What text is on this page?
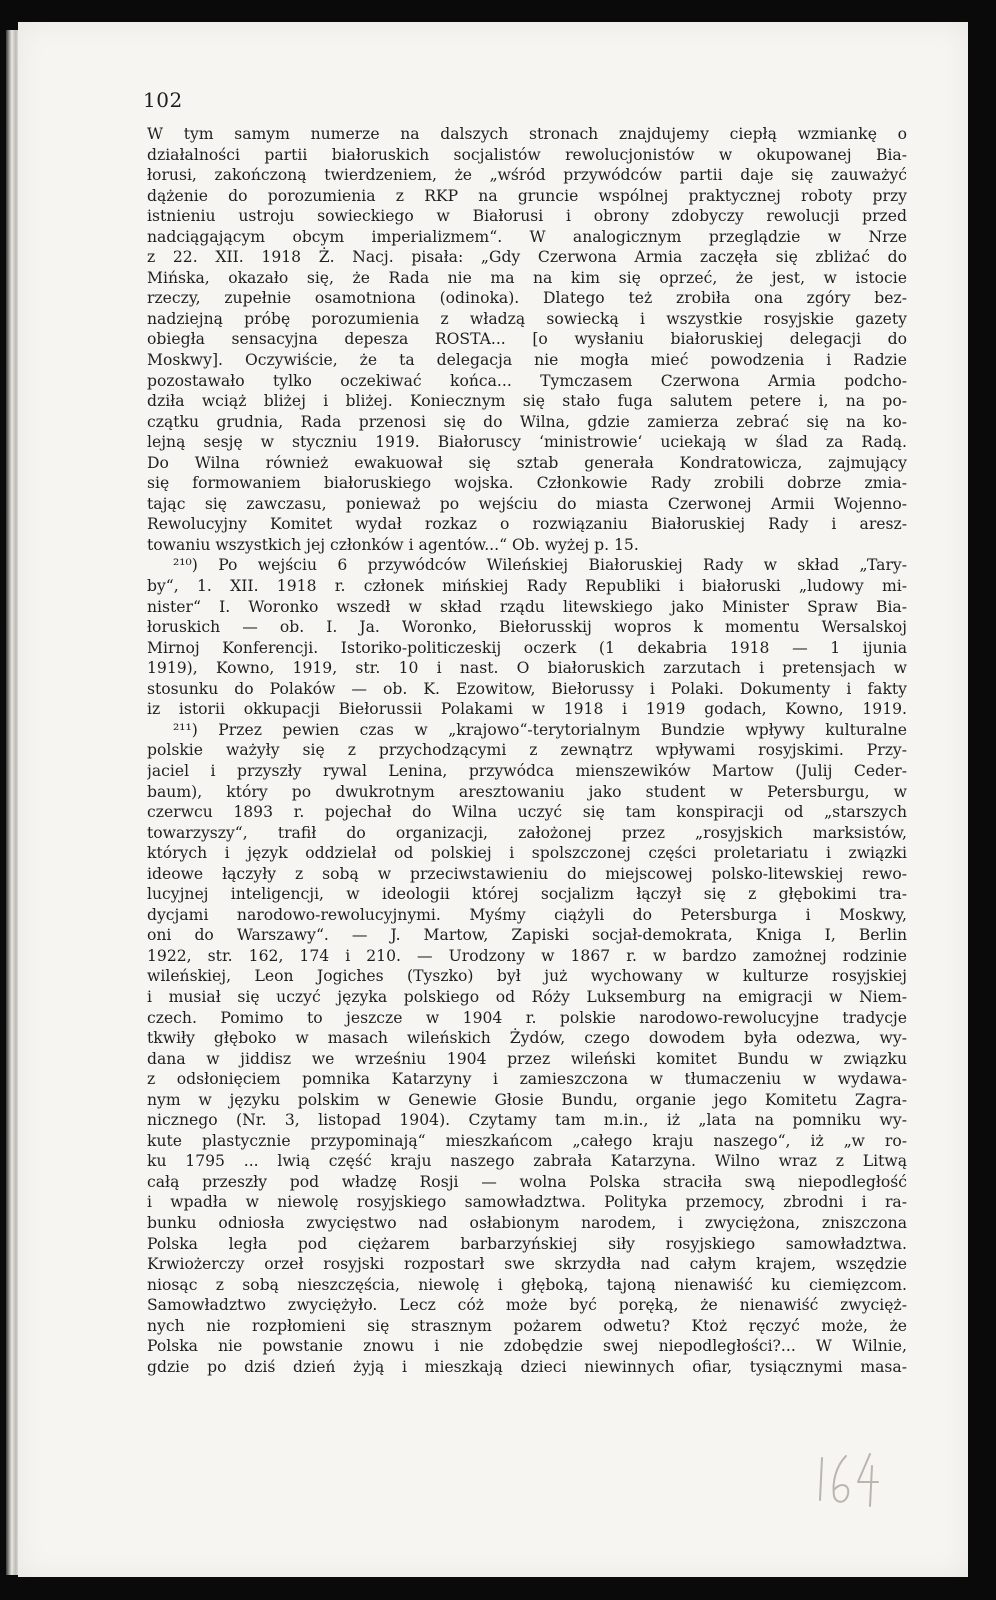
102
W tym samym numerze na dalszych stronach znajdujemy ciepłą wzmiankę o
działalności partii białoruskich socjalistów rewolucjonistów w okupowanej Bia-
łorusi, zakończoną twierdzeniem, że „wśród przywódców partii daje się zauważyć
dążenie do porozumienia z RKP na gruncie wspólnej praktycznej roboty przy
istnieniu ustroju sowieckiego w Białorusi i obrony zdobyczy rewolucji przed
nadciągającym obcym imperializmem“. W analogicznym przeglądzie w Nrze
z 22. XII. 1918 Ż. Nacj. pisała: „Gdy Czerwona Armia zaczęła się zbliżać do
Mińska, okazało się, że Rada nie ma na kim się oprzeć, że jest, w istocie
rzeczy, zupełnie osamotniona (odinoka). Dlatego też zrobiła ona zgóry bez-
nadziejną próbę porozumienia z władzą sowiecką i wszystkie rosyjskie gazety
obiegła sensacyjna depesza ROSTA... [o wysłaniu białoruskiej delegacji do
Moskwy]. Oczywiście, że ta delegacja nie mogła mieć powodzenia i Radzie
pozostawało tylko oczekiwać końca... Tymczasem Czerwona Armia podcho-
dziła wciąż bliżej i bliżej. Koniecznym się stało fuga salutem petere i, na po-
czątku grudnia, Rada przenosi się do Wilna, gdzie zamierza zebrać się na ko-
lejną sesję w styczniu 1919. Białoruscy ‘ministrowie‘ uciekają w ślad za Radą.
Do Wilna również ewakuował się sztab generała Kondratowicza, zajmujący
się formowaniem białoruskiego wojska. Członkowie Rady zrobili dobrze zmia-
tając się zawczasu, ponieważ po wejściu do miasta Czerwonej Armii Wojenno-
Rewolucyjny Komitet wydał rozkaz o rozwiązaniu Białoruskiej Rady i aresz-
towaniu wszystkich jej członków i agentów...“ Ob. wyżej p. 15.
²¹⁰) Po wejściu 6 przywódców Wileńskiej Białoruskiej Rady w skład „Tary-
by“, 1. XII. 1918 r. członek mińskiej Rady Republiki i białoruski „ludowy mi-
nister“ I. Woronko wszedł w skład rządu litewskiego jako Minister Spraw Bia-
łoruskich — ob. I. Ja. Woronko, Biełorusskij wopros k momentu Wersalskoj
Mirnoj Konferencji. Istoriko-politiczeskij oczerk (1 dekabria 1918 — 1 ijunia
1919), Kowno, 1919, str. 10 i nast. O białoruskich zarzutach i pretensjach w
stosunku do Polaków — ob. K. Ezowitow, Biełorussy i Polaki. Dokumenty i fakty
iz istorii okkupacji Biełorussii Polakami w 1918 i 1919 godach, Kowno, 1919.
²¹¹) Przez pewien czas w „krajowo“-terytorialnym Bundzie wpływy kulturalne
polskie ważyły się z przychodzącymi z zewnątrz wpływami rosyjskimi. Przy-
jaciel i przyszły rywal Lenina, przywódca mienszewików Martow (Julij Ceder-
baum), który po dwukrotnym aresztowaniu jako student w Petersburgu, w
czerwcu 1893 r. pojechał do Wilna uczyć się tam konspiracji od „starszych
towarzyszy“, trafił do organizacji, założonej przez „rosyjskich marksistów,
których i język oddzielał od polskiej i spolszczonej części proletariatu i związki
ideowe łączyły z sobą w przeciwstawieniu do miejscowej polsko-litewskiej rewo-
lucyjnej inteligencji, w ideologii której socjalizm łączył się z głębokimi tra-
dycjami narodowo-rewolucyjnymi. Myśmy ciążyli do Petersburga i Moskwy,
oni do Warszawy“. — J. Martow, Zapiski socjał-demokrata, Kniga I, Berlin
1922, str. 162, 174 i 210. — Urodzony w 1867 r. w bardzo zamożnej rodzinie
wileńskiej, Leon Jogiches (Tyszko) był już wychowany w kulturze rosyjskiej
i musiał się uczyć języka polskiego od Róży Luksemburg na emigracji w Niem-
czech. Pomimo to jeszcze w 1904 r. polskie narodowo-rewolucyjne tradycje
tkwiły głęboko w masach wileńskich Żydów, czego dowodem była odezwa, wy-
dana w jiddisz we wrześniu 1904 przez wileński komitet Bundu w związku
z odsłonięciem pomnika Katarzyny i zamieszczona w tłumaczeniu w wydawa-
nym w języku polskim w Genewie Głosie Bundu, organie jego Komitetu Zagra-
nicznego (Nr. 3, listopad 1904). Czytamy tam m.in., iż „lata na pomniku wy-
kute plastycznie przypominają“ mieszkańcom „całego kraju naszego“, iż „w ro-
ku 1795 ... lwią część kraju naszego zabrała Katarzyna. Wilno wraz z Litwą
całą przeszły pod władzę Rosji — wolna Polska straciła swą niepodległość
i wpadła w niewolę rosyjskiego samowładztwa. Polityka przemocy, zbrodni i ra-
bunku odniosła zwycięstwo nad osłabionym narodem, i zwyciężona, zniszczona
Polska legła pod ciężarem barbarzyńskiej siły rosyjskiego samowładztwa.
Krwiożerczy orzeł rosyjski rozpostarł swe skrzydła nad całym krajem, wszędzie
niosąc z sobą nieszczęścia, niewolę i głęboką, tajoną nienawiść ku ciemięzcom.
Samowładztwo zwyciężyło. Lecz cóż może być poręką, że nienawiść zwycięż-
nych nie rozpłomieni się strasznym pożarem odwetu? Ktoż ręczyć może, że
Polska nie powstanie znowu i nie zdobędzie swej niepodległości?... W Wilnie,
gdzie po dziś dzień żyją i mieszkają dzieci niewinnych ofiar, tysiącznymi masa-
